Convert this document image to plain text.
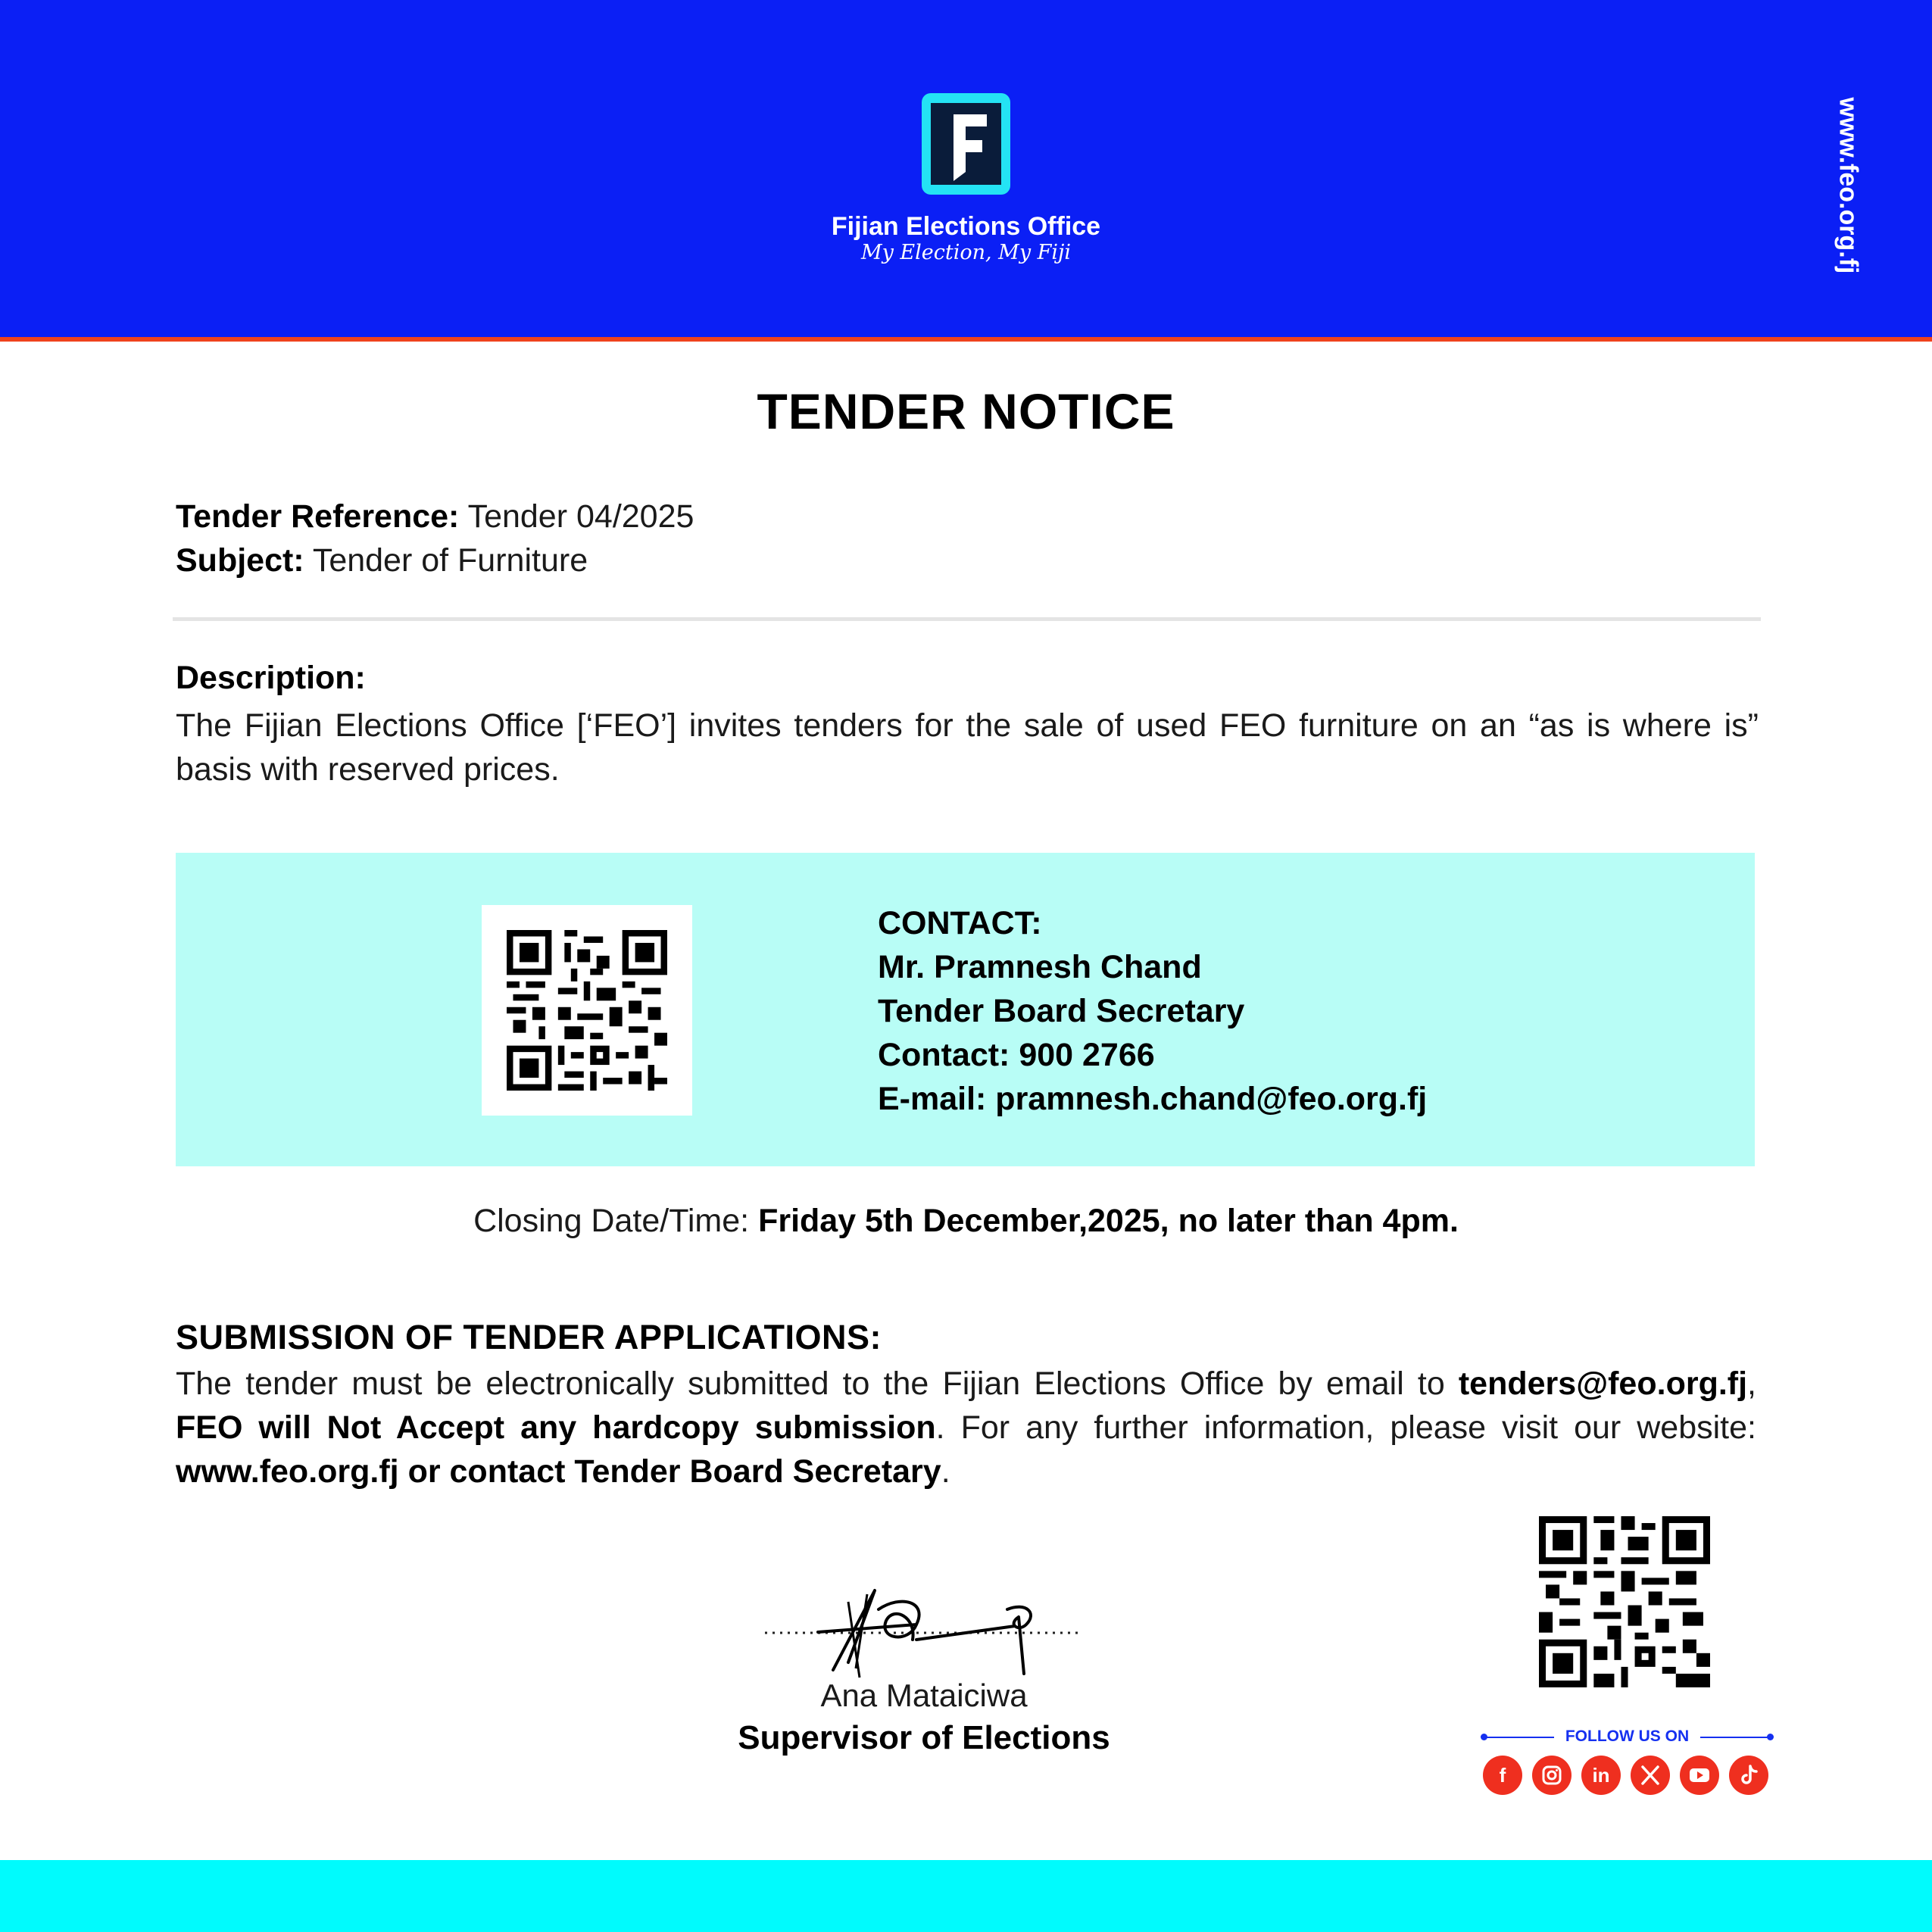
Fijian Elections Office
My Election, My Fiji	www.feo.org.fj
TENDER NOTICE
Tender Reference: Tender 04/2025
Subject: Tender of Furniture
Description:
The Fijian Elections Office [‘FEO’] invites tenders for the sale of used FEO furniture on an “as is where is” basis with reserved prices.
CONTACT:
Mr. Pramnesh Chand
Tender Board Secretary
Contact: 900 2766
E-mail: pramnesh.chand@feo.org.fj
Closing Date/Time: Friday 5th December,2025, no later than 4pm.
SUBMISSION OF TENDER APPLICATIONS:
The tender must be electronically submitted to the Fijian Elections Office by email to tenders@feo.org.fj, FEO will Not Accept any hardcopy submission. For any further information, please visit our website: www.feo.org.fj or contact Tender Board Secretary.
Ana Mataiciwa
Supervisor of Elections	FOLLOW US ON
f	in
